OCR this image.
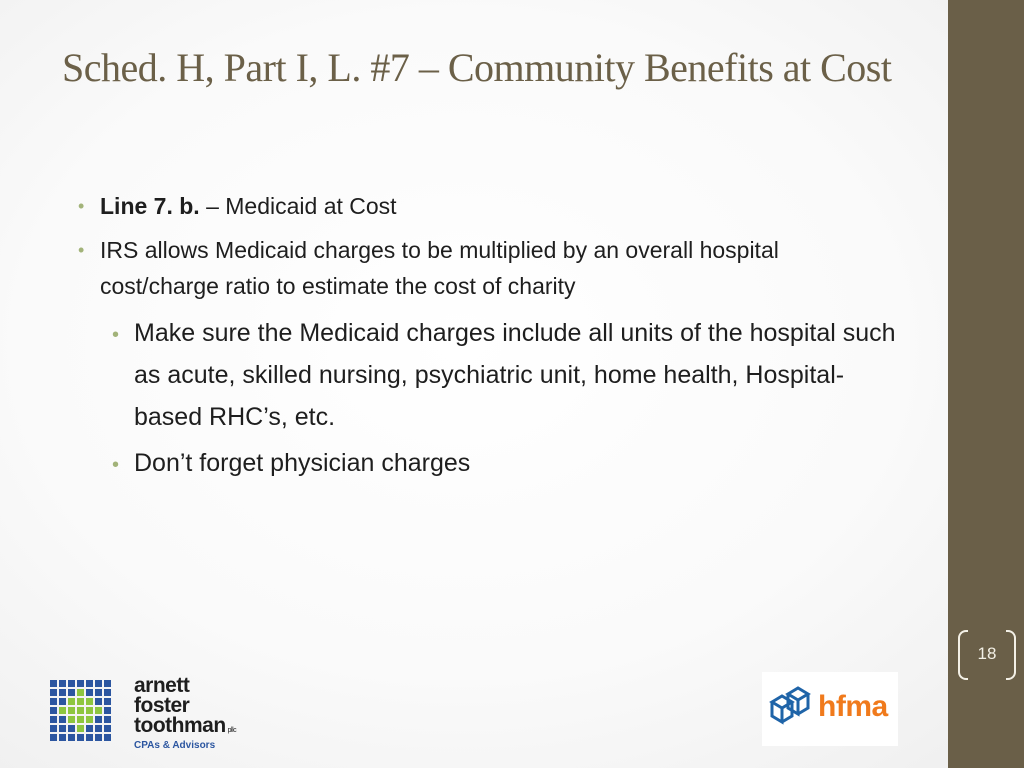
Sched. H, Part I, L. #7 – Community Benefits at Cost
• Line 7. b. – Medicaid at Cost
• IRS allows Medicaid charges to be multiplied by an overall hospital cost/charge ratio to estimate the cost of charity
• Make sure the Medicaid charges include all units of the hospital such as acute, skilled nursing, psychiatric unit, home health, Hospital-based RHC’s, etc.
• Don’t forget physician charges
18
arnett
foster
toothman pllc
CPAs & Advisors
hfma
